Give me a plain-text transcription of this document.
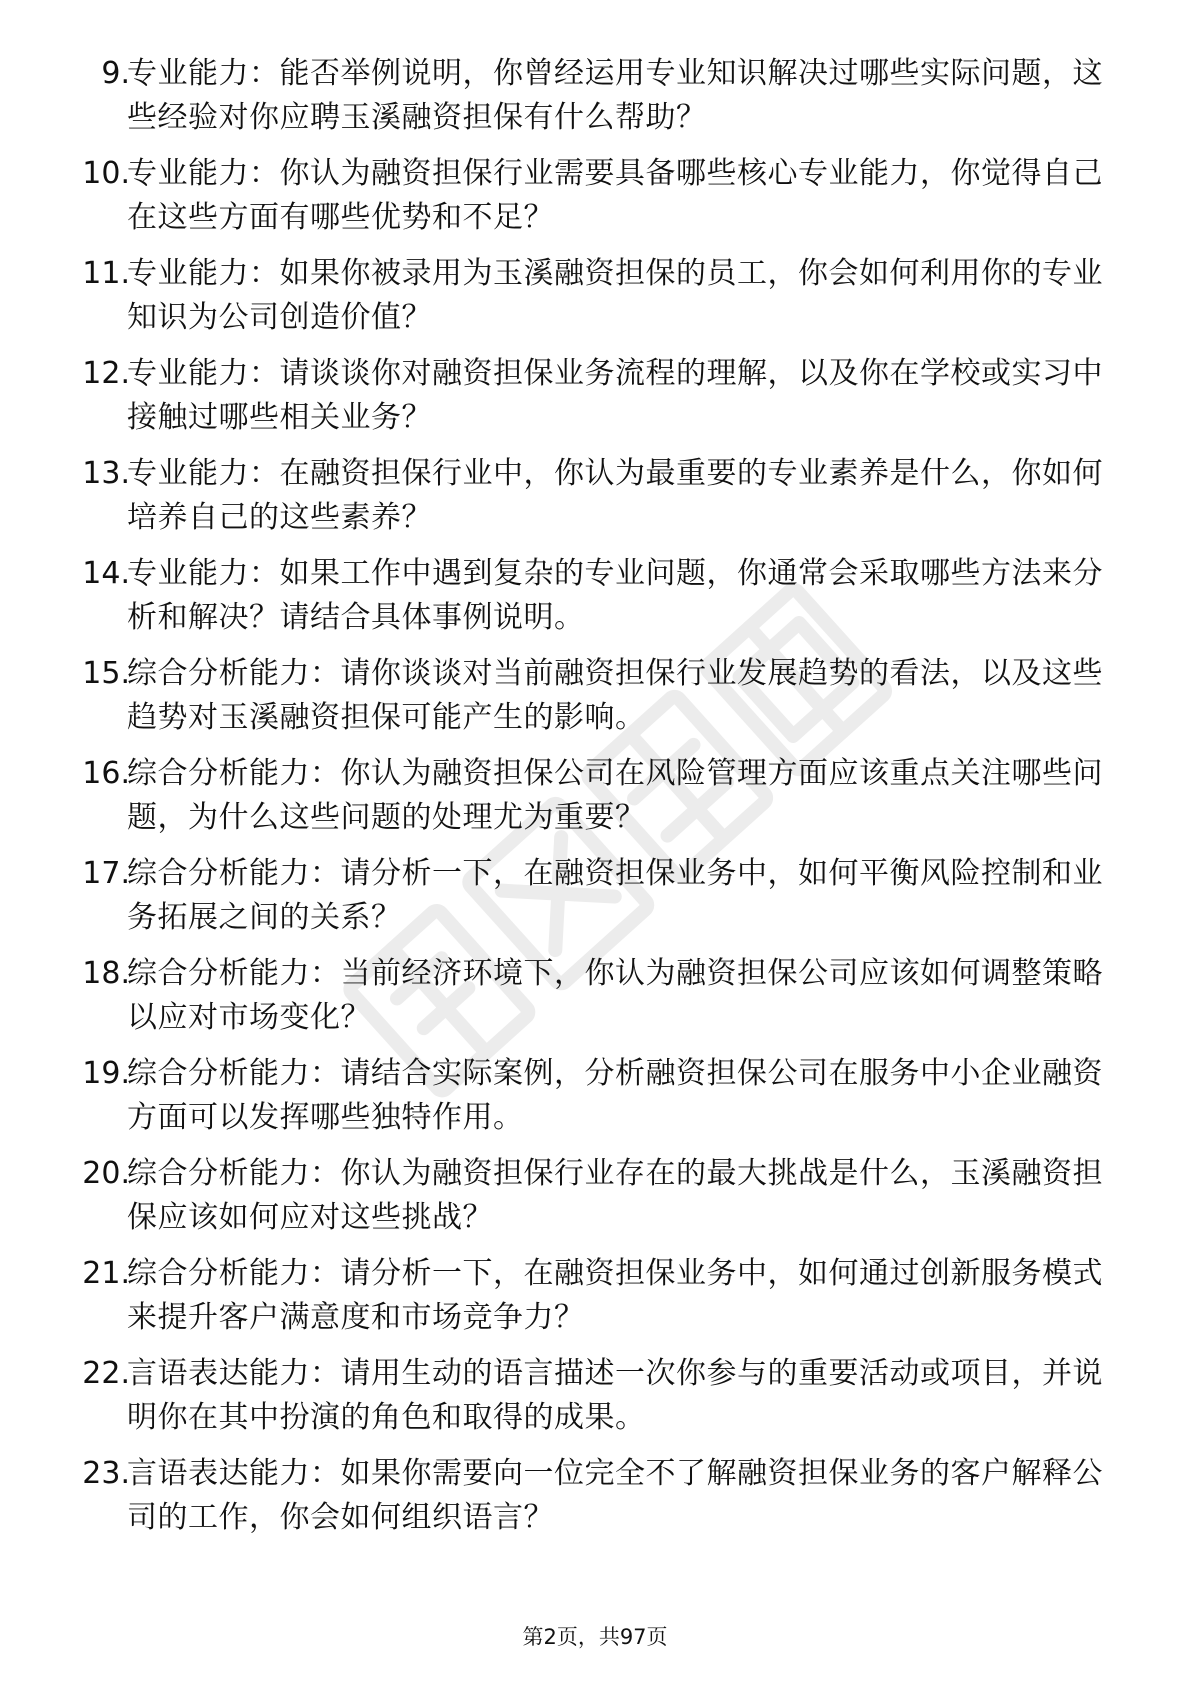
9.
专业能力：能否举例说明，你曾经运用专业知识解决过哪些实际问题，这些经验对你应聘玉溪融资担保有什么帮助？
10.
专业能力：你认为融资担保行业需要具备哪些核心专业能力，你觉得自己在这些方面有哪些优势和不足？
11.
专业能力：如果你被录用为玉溪融资担保的员工，你会如何利用你的专业知识为公司创造价值？
12.
专业能力：请谈谈你对融资担保业务流程的理解，以及你在学校或实习中接触过哪些相关业务？
13.
专业能力：在融资担保行业中，你认为最重要的专业素养是什么，你如何培养自己的这些素养？
14.
专业能力：如果工作中遇到复杂的专业问题，你通常会采取哪些方法来分析和解决？请结合具体事例说明。
15.
综合分析能力：请你谈谈对当前融资担保行业发展趋势的看法，以及这些趋势对玉溪融资担保可能产生的影响。
16.
综合分析能力：你认为融资担保公司在风险管理方面应该重点关注哪些问题，为什么这些问题的处理尤为重要？
17.
综合分析能力：请分析一下，在融资担保业务中，如何平衡风险控制和业务拓展之间的关系？
18.
综合分析能力：当前经济环境下，你认为融资担保公司应该如何调整策略以应对市场变化？
19.
综合分析能力：请结合实际案例，分析融资担保公司在服务中小企业融资方面可以发挥哪些独特作用。
20.
综合分析能力：你认为融资担保行业存在的最大挑战是什么，玉溪融资担保应该如何应对这些挑战？
21.
综合分析能力：请分析一下，在融资担保业务中，如何通过创新服务模式来提升客户满意度和市场竞争力？
22.
言语表达能力：请用生动的语言描述一次你参与的重要活动或项目，并说明你在其中扮演的角色和取得的成果。
23.
言语表达能力：如果你需要向一位完全不了解融资担保业务的客户解释公司的工作，你会如何组织语言？
第2页，共97页
